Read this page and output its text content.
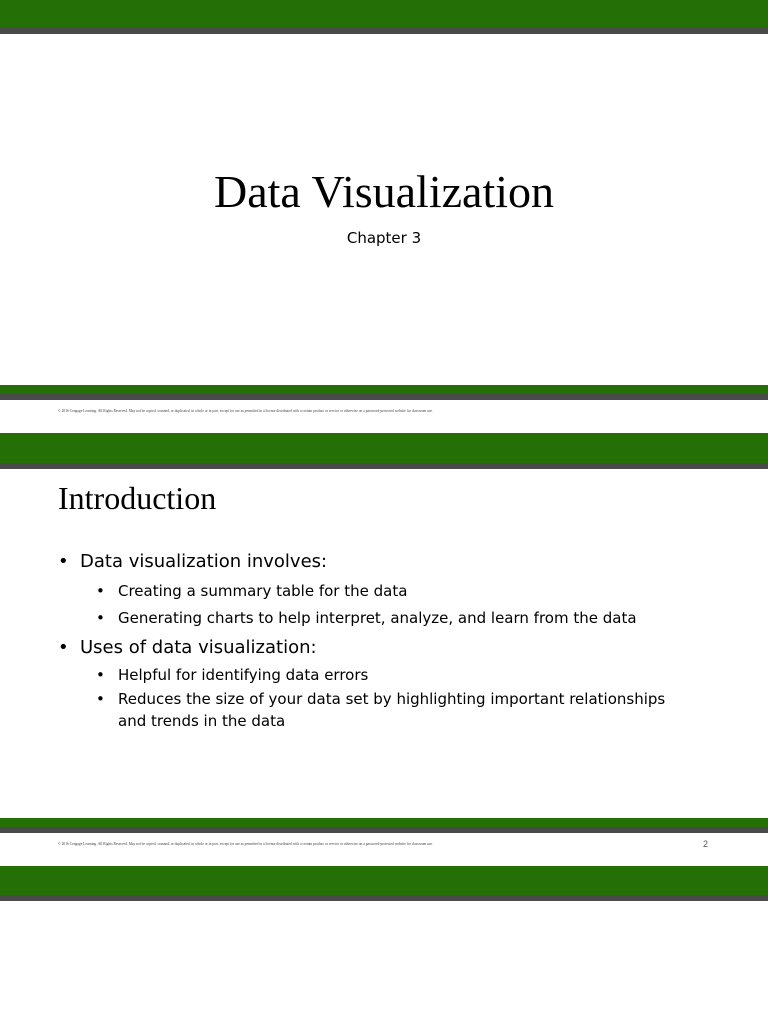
Data Visualization
Chapter 3
© 2016 Cengage Learning. All Rights Reserved. May not be copied, scanned, or duplicated, in whole or in part, except for use as permitted in a license distributed with a certain product or service or otherwise on a password-protected website for classroom use.
Introduction
• Data visualization involves:
• Creating a summary table for the data
• Generating charts to help interpret, analyze, and learn from the data
• Uses of data visualization:
• Helpful for identifying data errors
• Reduces the size of your data set by highlighting important relationships and trends in the data
© 2016 Cengage Learning. All Rights Reserved. May not be copied, scanned, or duplicated, in whole or in part, except for use as permitted in a license distributed with a certain product or service or otherwise on a password-protected website for classroom use.	2
